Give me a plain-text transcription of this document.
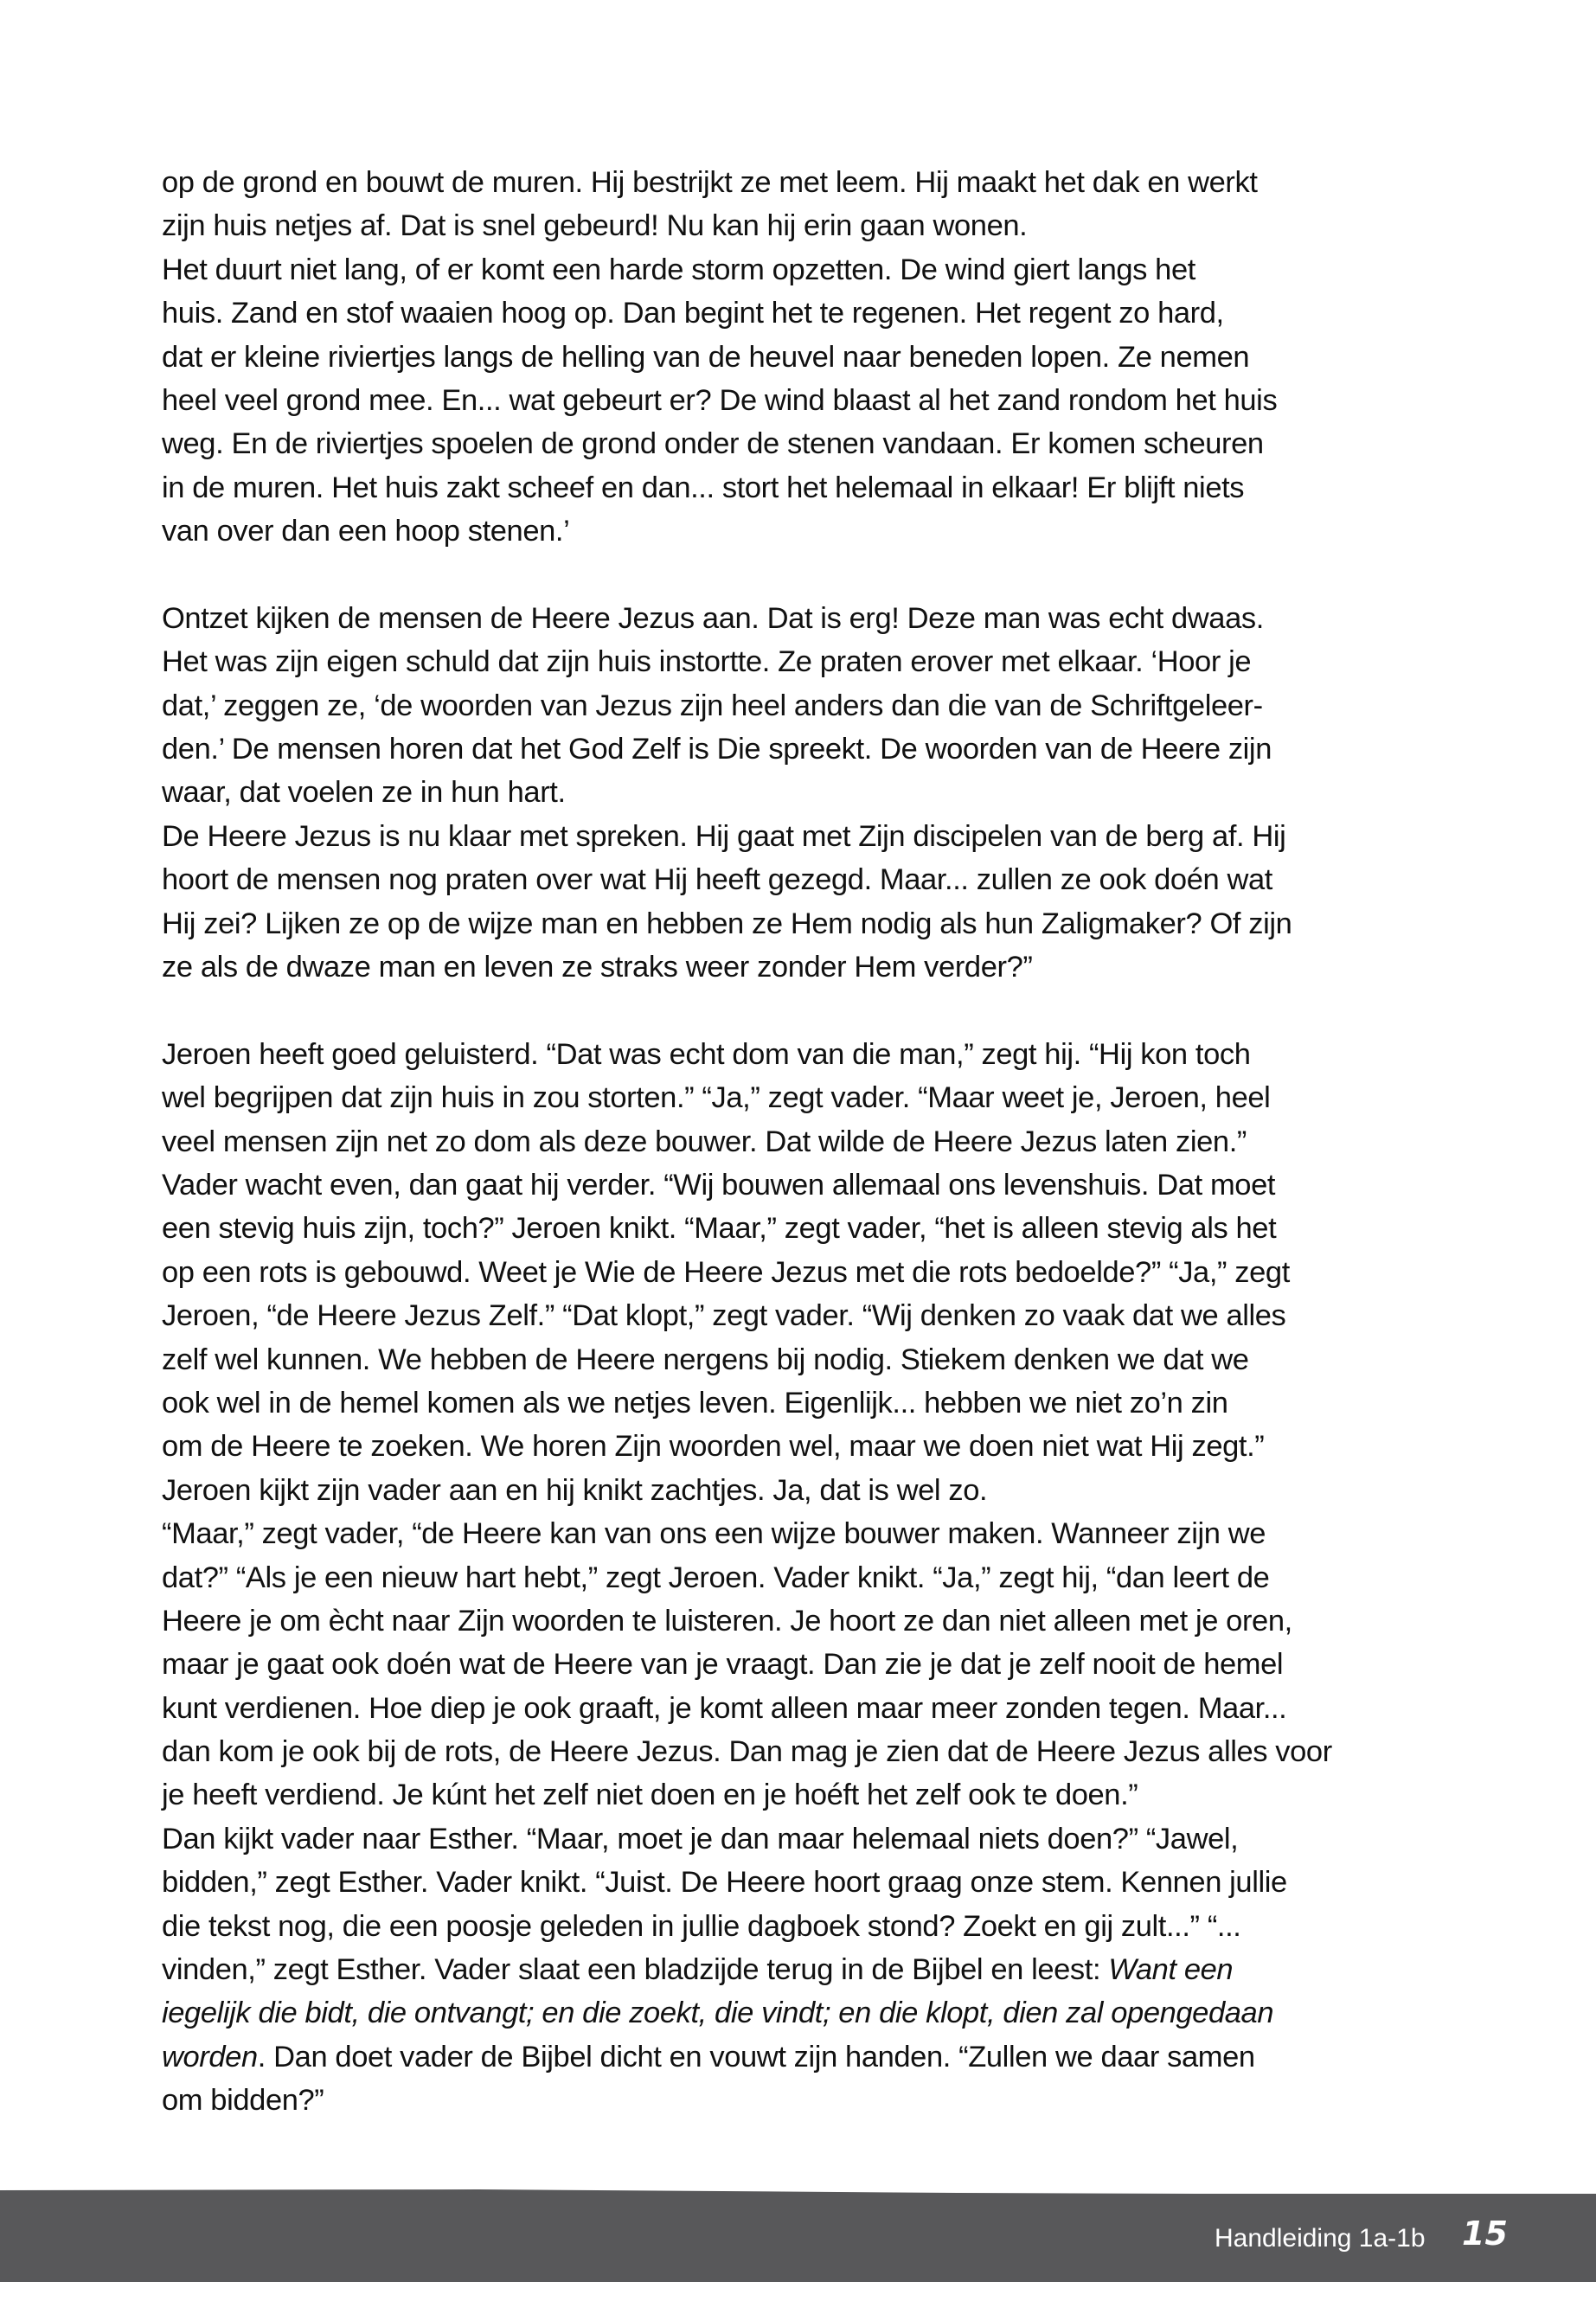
op de grond en bouwt de muren. Hij bestrijkt ze met leem. Hij maakt het dak en werkt
zijn huis netjes af. Dat is snel gebeurd! Nu kan hij erin gaan wonen.
Het duurt niet lang, of er komt een harde storm opzetten. De wind giert langs het
huis. Zand en stof waaien hoog op. Dan begint het te regenen. Het regent zo hard,
dat er kleine riviertjes langs de helling van de heuvel naar beneden lopen. Ze nemen
heel veel grond mee. En... wat gebeurt er? De wind blaast al het zand rondom het huis
weg. En de riviertjes spoelen de grond onder de stenen vandaan. Er komen scheuren
in de muren. Het huis zakt scheef en dan... stort het helemaal in elkaar! Er blijft niets
van over dan een hoop stenen.’
Ontzet kijken de mensen de Heere Jezus aan. Dat is erg! Deze man was echt dwaas.
Het was zijn eigen schuld dat zijn huis instortte. Ze praten erover met elkaar. ‘Hoor je
dat,’ zeggen ze, ‘de woorden van Jezus zijn heel anders dan die van de Schriftgeleer-
den.’ De mensen horen dat het God Zelf is Die spreekt. De woorden van de Heere zijn
waar, dat voelen ze in hun hart.
De Heere Jezus is nu klaar met spreken. Hij gaat met Zijn discipelen van de berg af. Hij
hoort de mensen nog praten over wat Hij heeft gezegd. Maar... zullen ze ook doén wat
Hij zei? Lijken ze op de wijze man en hebben ze Hem nodig als hun Zaligmaker? Of zijn
ze als de dwaze man en leven ze straks weer zonder Hem verder?”
Jeroen heeft goed geluisterd. “Dat was echt dom van die man,” zegt hij. “Hij kon toch
wel begrijpen dat zijn huis in zou storten.” “Ja,” zegt vader. “Maar weet je, Jeroen, heel
veel mensen zijn net zo dom als deze bouwer. Dat wilde de Heere Jezus laten zien.”
Vader wacht even, dan gaat hij verder. “Wij bouwen allemaal ons levenshuis. Dat moet
een stevig huis zijn, toch?” Jeroen knikt. “Maar,” zegt vader, “het is alleen stevig als het
op een rots is gebouwd. Weet je Wie de Heere Jezus met die rots bedoelde?” “Ja,” zegt
Jeroen, “de Heere Jezus Zelf.” “Dat klopt,” zegt vader. “Wij denken zo vaak dat we alles
zelf wel kunnen. We hebben de Heere nergens bij nodig. Stiekem denken we dat we
ook wel in de hemel komen als we netjes leven. Eigenlijk... hebben we niet zo’n zin
om de Heere te zoeken. We horen Zijn woorden wel, maar we doen niet wat Hij zegt.”
Jeroen kijkt zijn vader aan en hij knikt zachtjes. Ja, dat is wel zo.
“Maar,” zegt vader, “de Heere kan van ons een wijze bouwer maken. Wanneer zijn we
dat?” “Als je een nieuw hart hebt,” zegt Jeroen. Vader knikt. “Ja,” zegt hij, “dan leert de
Heere je om ècht naar Zijn woorden te luisteren. Je hoort ze dan niet alleen met je oren,
maar je gaat ook doén wat de Heere van je vraagt. Dan zie je dat je zelf nooit de hemel
kunt verdienen. Hoe diep je ook graaft, je komt alleen maar meer zonden tegen. Maar...
dan kom je ook bij de rots, de Heere Jezus. Dan mag je zien dat de Heere Jezus alles voor
je heeft verdiend. Je kúnt het zelf niet doen en je hoéft het zelf ook te doen.”
Dan kijkt vader naar Esther. “Maar, moet je dan maar helemaal niets doen?” “Jawel,
bidden,” zegt Esther. Vader knikt. “Juist. De Heere hoort graag onze stem. Kennen jullie
die tekst nog, die een poosje geleden in jullie dagboek stond? Zoekt en gij zult...” “...
vinden,” zegt Esther. Vader slaat een bladzijde terug in de Bijbel en leest: Want een
iegelijk die bidt, die ontvangt; en die zoekt, die vindt; en die klopt, dien zal opengedaan
worden. Dan doet vader de Bijbel dicht en vouwt zijn handen. “Zullen we daar samen
om bidden?”
Handleiding 1a-1b 15
